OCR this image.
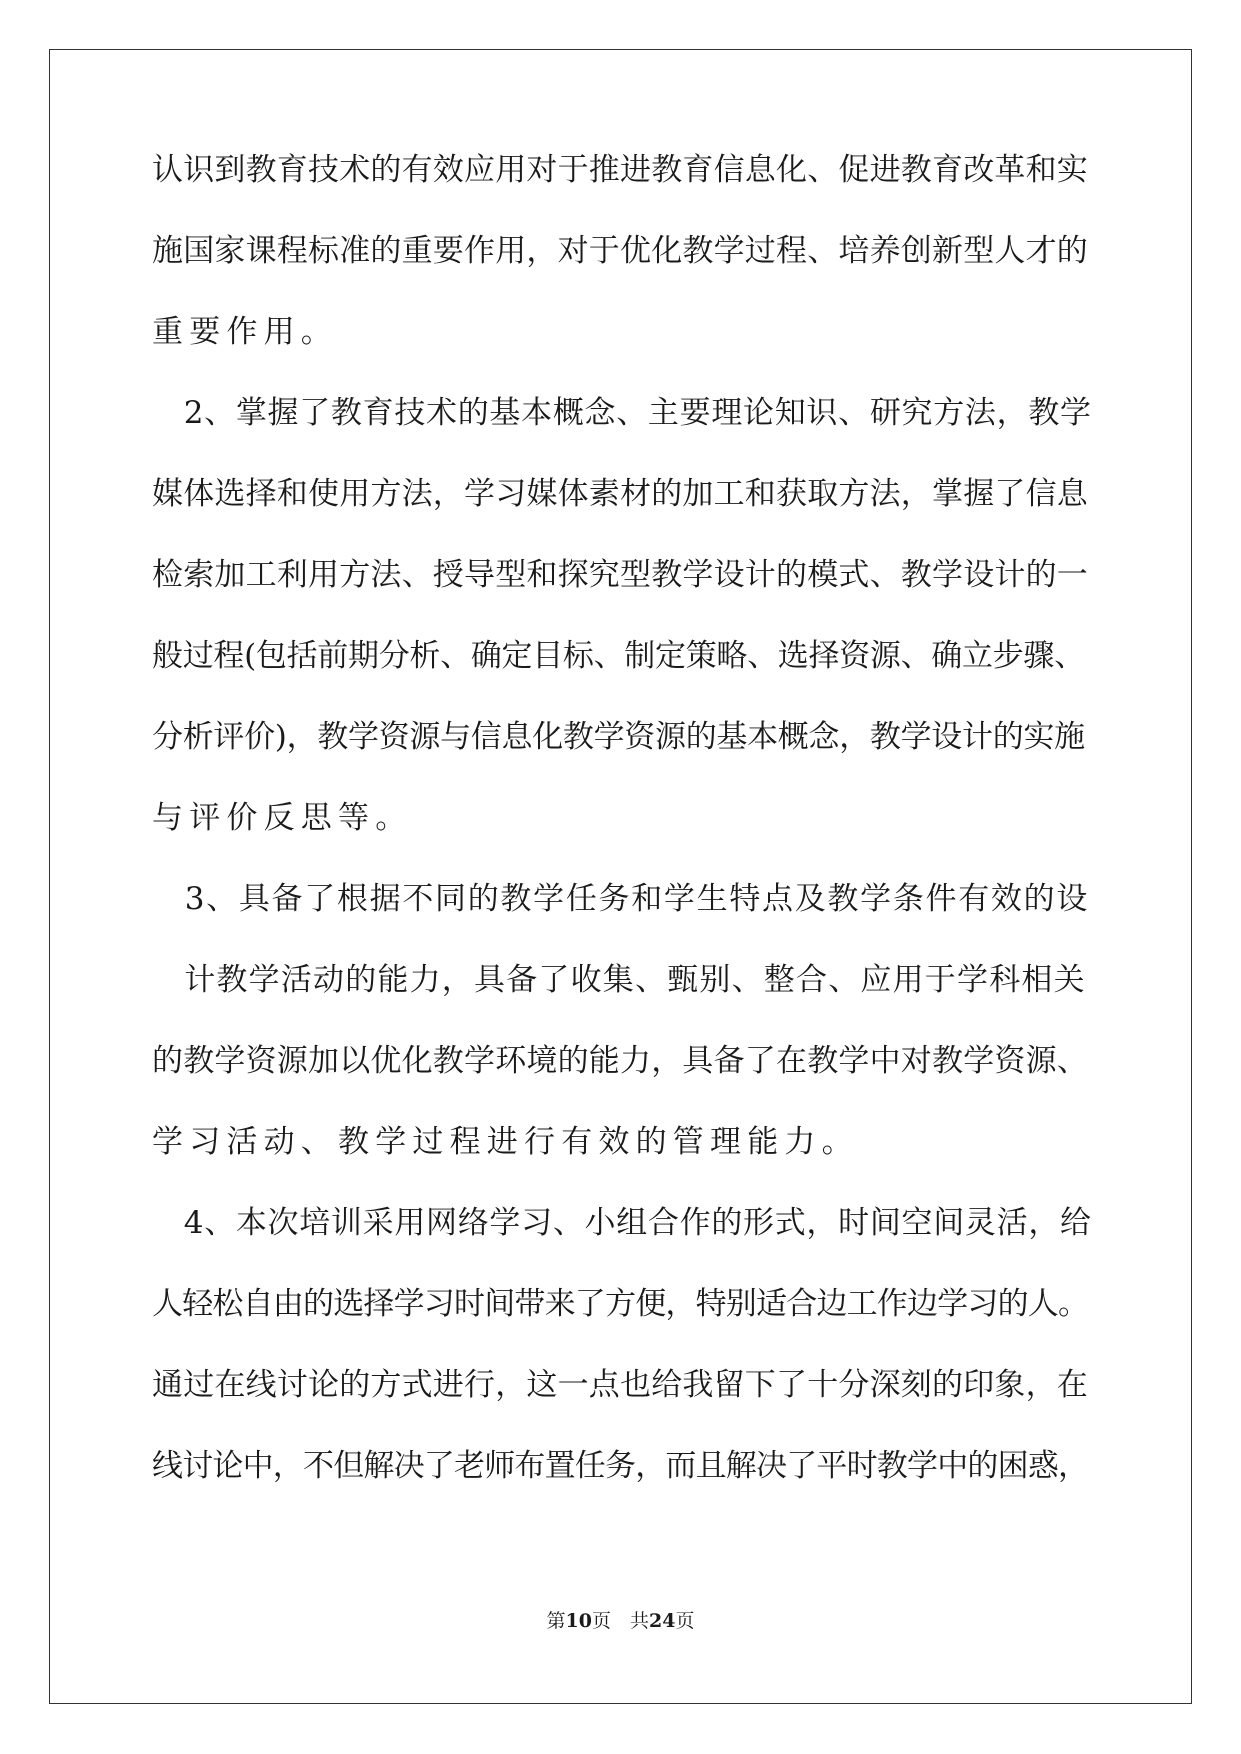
认识到教育技术的有效应用对于推进教育信息化、促进教育改革和实
施国家课程标准的重要作用，对于优化教学过程、培养创新型人才的
重要作用。
　2、掌握了教育技术的基本概念、主要理论知识、研究方法，教学
媒体选择和使用方法，学习媒体素材的加工和获取方法，掌握了信息
检索加工利用方法、授导型和探究型教学设计的模式、教学设计的一
般过程(包括前期分析、确定目标、制定策略、选择资源、确立步骤、
分析评价)，教学资源与信息化教学资源的基本概念，教学设计的实施
与评价反思等。
　3、具备了根据不同的教学任务和学生特点及教学条件有效的设
　计教学活动的能力，具备了收集、甄别、整合、应用于学科相关
的教学资源加以优化教学环境的能力，具备了在教学中对教学资源、
学习活动、教学过程进行有效的管理能力。
　4、本次培训采用网络学习、小组合作的形式，时间空间灵活，给
人轻松自由的选择学习时间带来了方便，特别适合边工作边学习的人。
通过在线讨论的方式进行，这一点也给我留下了十分深刻的印象，在
线讨论中，不但解决了老师布置任务，而且解决了平时教学中的困惑，
第10页　共24页
